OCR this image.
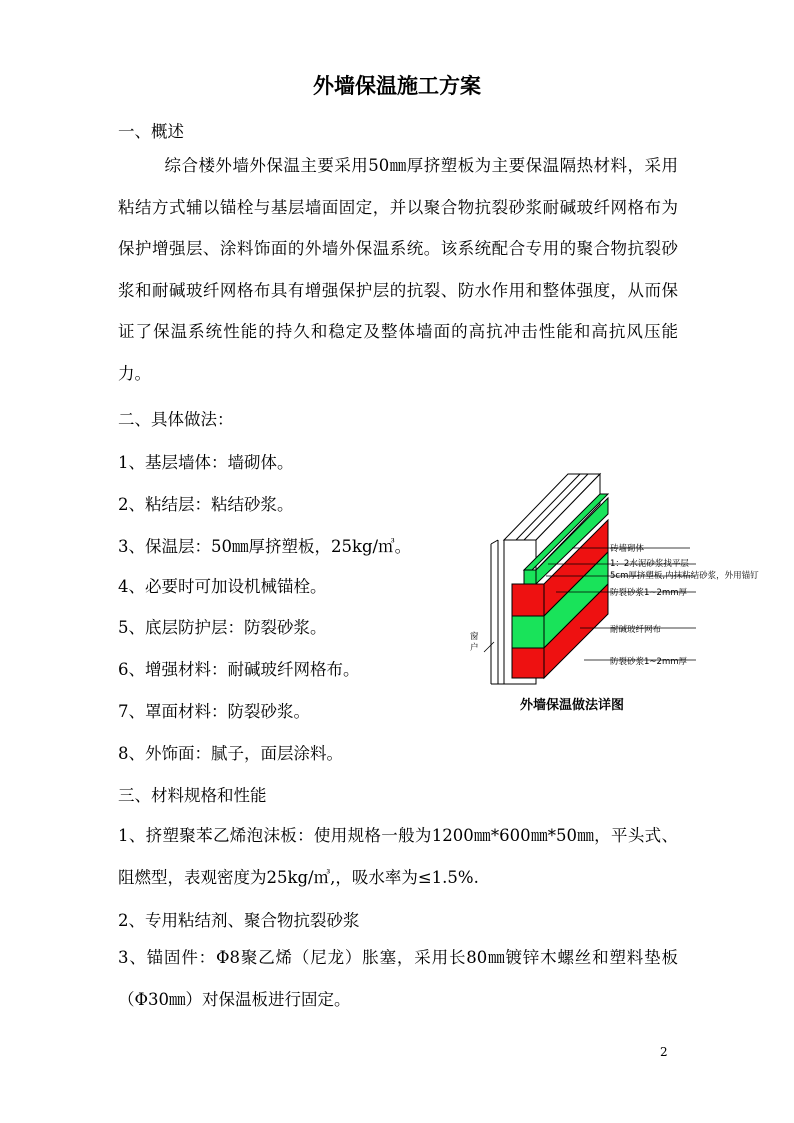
外墙保温施工方案
一、概述
综合楼外墙外保温主要采用50㎜厚挤塑板为主要保温隔热材料，采用粘结方式辅以锚栓与基层墙面固定，并以聚合物抗裂砂浆耐碱玻纤网格布为保护增强层、涂料饰面的外墙外保温系统。该系统配合专用的聚合物抗裂砂浆和耐碱玻纤网格布具有增强保护层的抗裂、防水作用和整体强度，从而保证了保温系统性能的持久和稳定及整体墙面的高抗冲击性能和高抗风压能力。
二、具体做法：
1、基层墙体：墙砌体。
2、粘结层：粘结砂浆。
3、保温层：50㎜厚挤塑板，25kg/㎥。
4、必要时可加设机械锚栓。
5、底层防护层：防裂砂浆。
6、增强材料：耐碱玻纤网格布。
7、罩面材料：防裂砂浆。
8、外饰面：腻子，面层涂料。
三、材料规格和性能
1、挤塑聚苯乙烯泡沫板：使用规格一般为1200㎜*600㎜*50㎜，平头式、阻燃型，表观密度为25kg/㎥,，吸水率为≤1.5%.
2、专用粘结剂、聚合物抗裂砂浆
3、锚固件：Φ8聚乙烯（尼龙）胀塞，采用长80㎜镀锌木螺丝和塑料垫板（Φ30㎜）对保温板进行固定。
砖墙砌体
1：2水泥砂浆找平层
5cm厚挤塑板,内抹粘结砂浆，外用锚钉
防裂砂浆1~2mm厚
耐碱玻纤网布
防裂砂浆1~2mm厚
窗户
外墙保温做法详图
2
